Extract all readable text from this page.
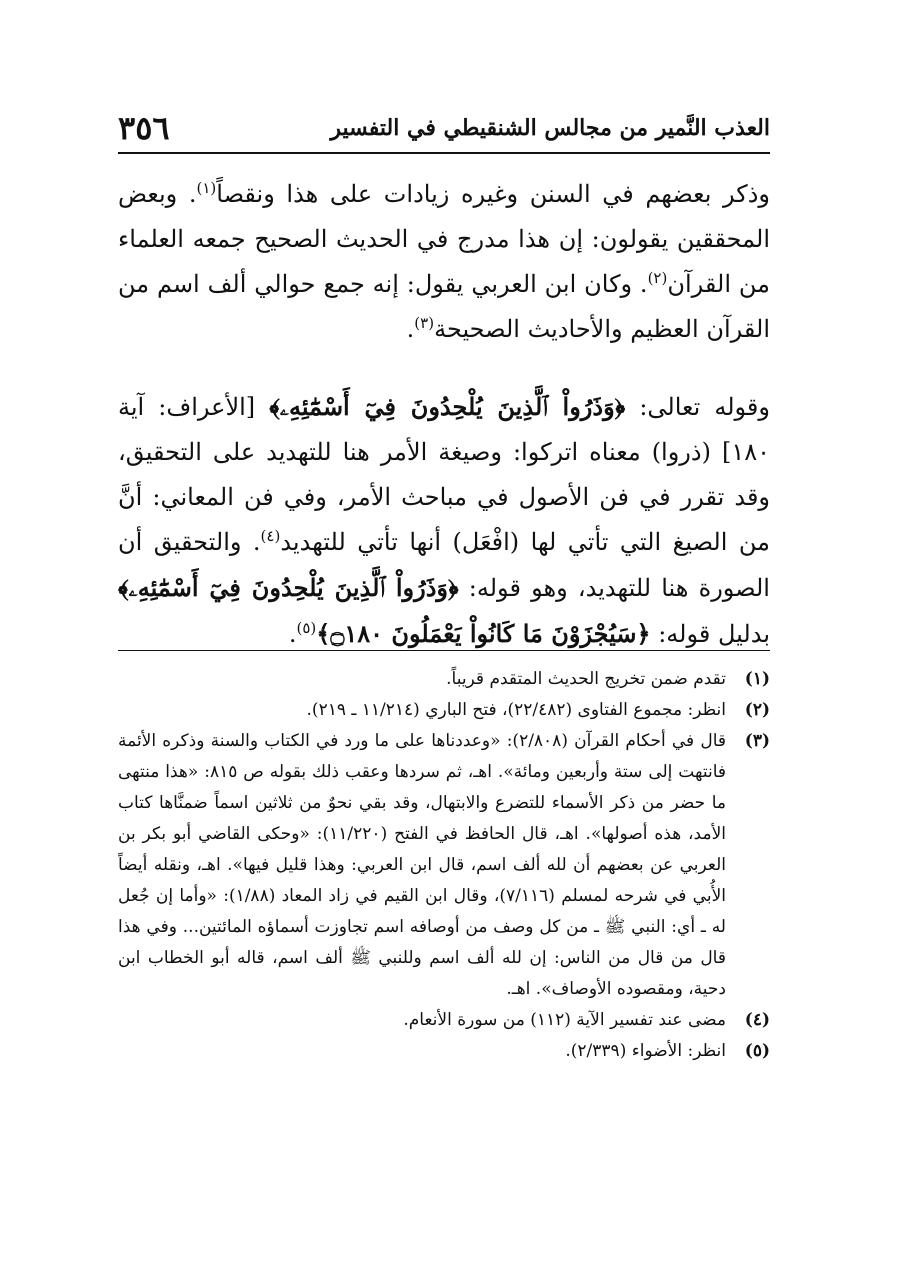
٣٥٦	العذب النَّمير من مجالس الشنقيطي في التفسير

وذكر بعضهم في السنن وغيره زيادات على هذا ونقصاً$^{(١)}$. وبعض المحققين يقولون: إن هذا مدرج في الحديث الصحيح جمعه العلماء من القرآن$^{(٢)}$. وكان ابن العربي يقول: إنه جمع حوالي ألف اسم من القرآن العظيم والأحاديث الصحيحة$^{(٣)}$.

وقوله تعالى: ﴿وَذَرُواْ ٱلَّذِينَ يُلْحِدُونَ فِيٓ أَسْمَٰٓئِهِۦ﴾ [الأعراف: آية ١٨٠] (ذروا) معناه اتركوا: وصيغة الأمر هنا للتهديد على التحقيق، وقد تقرر في فن الأصول في مباحث الأمر، وفي فن المعاني: أنَّ من الصيغ التي تأتي لها (افْعَل) أنها تأتي للتهديد$^{(٤)}$. والتحقيق أن الصورة هنا للتهديد، وهو قوله: ﴿وَذَرُواْ ٱلَّذِينَ يُلْحِدُونَ فِيٓ أَسْمَٰٓئِهِۦ﴾ بدليل قوله: ﴿سَيُجْزَوْنَ مَا كَانُواْ يَعْمَلُونَ ۝١٨٠﴾$^{(٥)}$.

(١)
تقدم ضمن تخريج الحديث المتقدم قريباً.
(٢)
انظر: مجموع الفتاوى (٢٢/٤٨٢)، فتح الباري (١١/٢١٤ ـ ٢١٩).
(٣)
قال في أحكام القرآن (٢/٨٠٨): «وعددناها على ما ورد في الكتاب والسنة وذكره الأئمة فانتهت إلى ستة وأربعين ومائة». اهـ، ثم سردها وعقب ذلك بقوله ص ٨١٥: «هذا منتهى ما حضر من ذكر الأسماء للتضرع والابتهال، وقد بقي نحوٌ من ثلاثين اسماً ضمنَّاها كتاب الأمد، هذه أصولها». اهـ، قال الحافظ في الفتح (١١/٢٢٠): «وحكى القاضي أبو بكر بن العربي عن بعضهم أن لله ألف اسم، قال ابن العربي: وهذا قليل فيها». اهـ، ونقله أيضاً الأُبي في شرحه لمسلم (٧/١١٦)، وقال ابن القيم في زاد المعاد (١/٨٨): «وأما إن جُعل له ـ أي: النبي ﷺ ـ من كل وصف من أوصافه اسم تجاوزت أسماؤه المائتين... وفي هذا قال من قال من الناس: إن لله ألف اسم وللنبي ﷺ ألف اسم، قاله أبو الخطاب ابن دحية، ومقصوده الأوصاف». اهـ.
(٤)
مضى عند تفسير الآية (١١٢) من سورة الأنعام.
(٥)
انظر: الأضواء (٢/٣٣٩).
